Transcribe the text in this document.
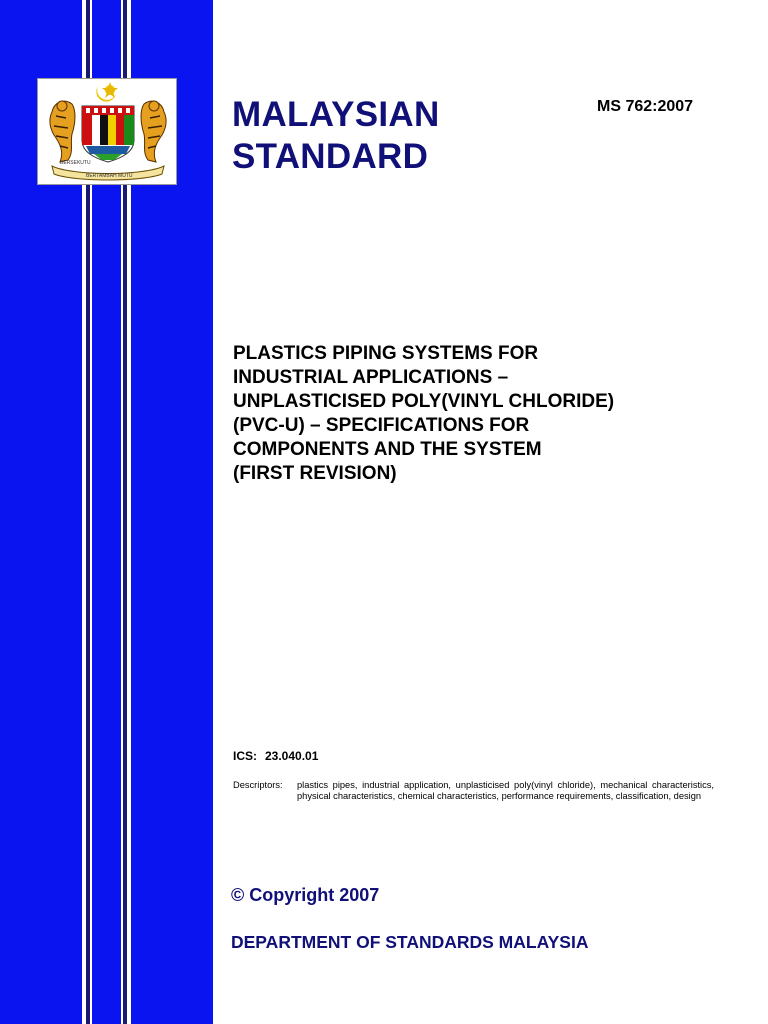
BERSEKUTU
BERTAMBAH MUTU
MALAYSIAN
STANDARD
MS 762:2007
PLASTICS PIPING SYSTEMS FOR
INDUSTRIAL APPLICATIONS –
UNPLASTICISED POLY(VINYL CHLORIDE)
(PVC-U) – SPECIFICATIONS FOR
COMPONENTS AND THE SYSTEM
(FIRST REVISION)
ICS: 23.040.01
Descriptors: plastics pipes, industrial application, unplasticised poly(vinyl chloride), mechanical characteristics, physical characteristics, chemical characteristics, performance requirements, classification, design
© Copyright 2007
DEPARTMENT OF STANDARDS MALAYSIA
